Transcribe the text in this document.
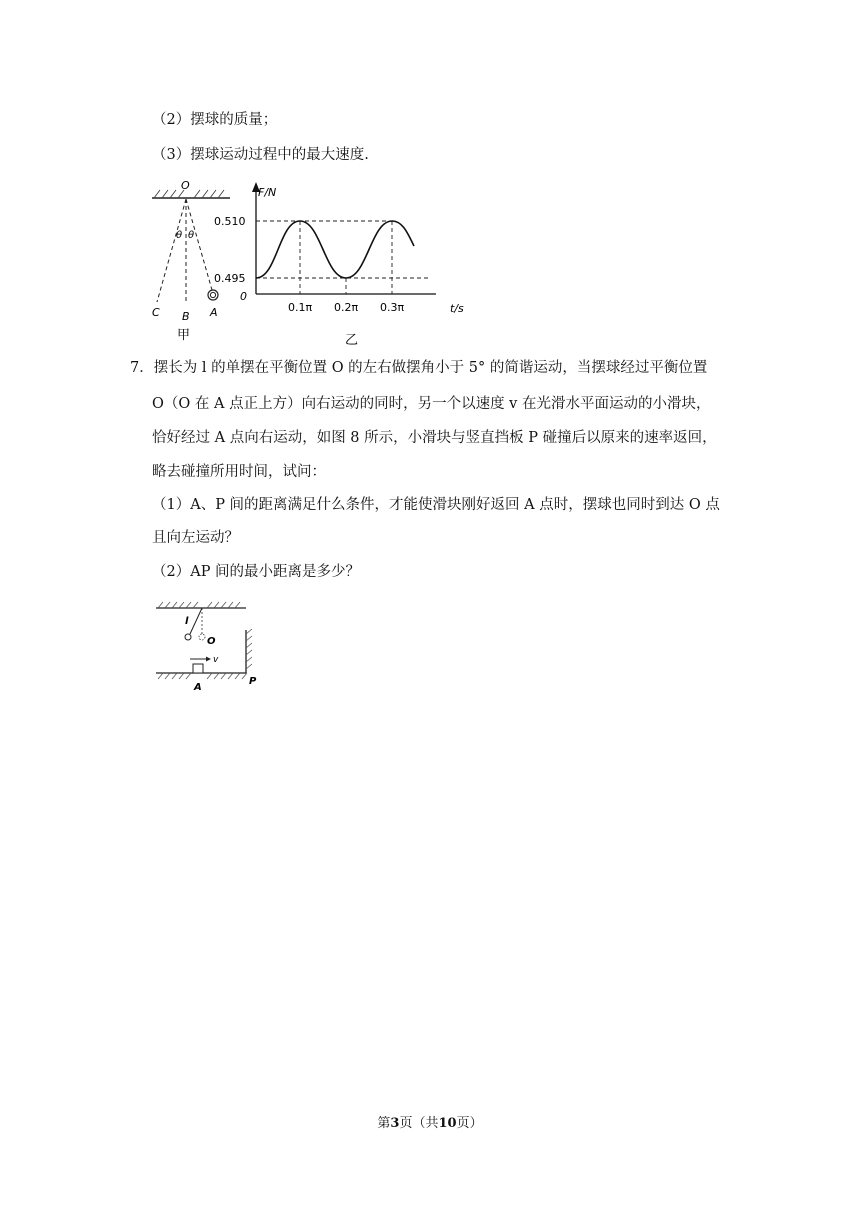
（2）摆球的质量；
（3）摆球运动过程中的最大速度.
O
θ θ
C B A
甲
F/N
t/s
0
0.510
0.495
0.1π 0.2π 0.3π
乙
7．摆长为 l 的单摆在平衡位置 O 的左右做摆角小于 5° 的简谐运动，当摆球经过平衡位置
O（O 在 A 点正上方）向右运动的同时，另一个以速度 v 在光滑水平面运动的小滑块，
恰好经过 A 点向右运动，如图 8 所示，小滑块与竖直挡板 P 碰撞后以原来的速率返回，
略去碰撞所用时间，试问：
（1）A、P 间的距离满足什么条件，才能使滑块刚好返回 A 点时，摆球也同时到达 O 点
且向左运动？
（2）AP 间的最小距离是多少？
l
O
v
A
P
第3页（共10页）
